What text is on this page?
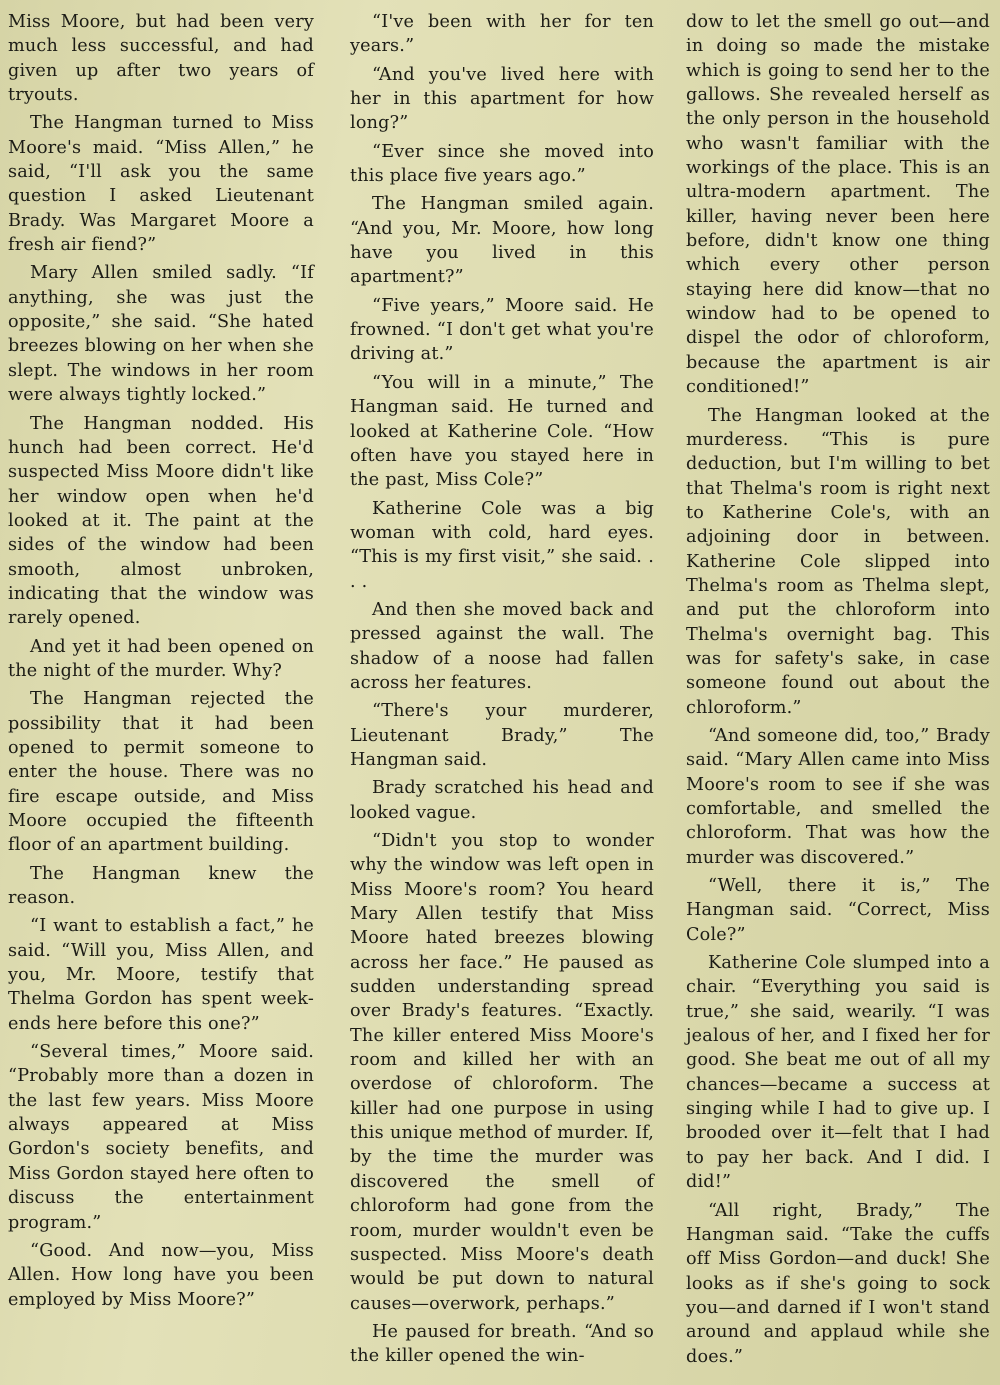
Miss Moore, but had been very much less successful, and had given up after two years of tryouts.

The Hangman turned to Miss Moore's maid. “Miss Allen,” he said, “I'll ask you the same question I asked Lieutenant Brady. Was Margaret Moore a fresh air fiend?”

Mary Allen smiled sadly. “If anything, she was just the opposite,” she said. “She hated breezes blowing on her when she slept. The windows in her room were always tightly locked.”

The Hangman nodded. His hunch had been correct. He'd suspected Miss Moore didn't like her window open when he'd looked at it. The paint at the sides of the window had been smooth, almost unbroken, indicating that the window was rarely opened.

And yet it had been opened on the night of the murder. Why?

The Hangman rejected the possibility that it had been opened to permit someone to enter the house. There was no fire escape outside, and Miss Moore occupied the fifteenth floor of an apartment building.

The Hangman knew the reason.

“I want to establish a fact,” he said. “Will you, Miss Allen, and you, Mr. Moore, testify that Thelma Gordon has spent week-ends here before this one?”

“Several times,” Moore said. “Probably more than a dozen in the last few years. Miss Moore always appeared at Miss Gordon's society benefits, and Miss Gordon stayed here often to discuss the entertainment program.”

“Good. And now—you, Miss Allen. How long have you been employed by Miss Moore?”

“I've been with her for ten years.”

“And you've lived here with her in this apartment for how long?”

“Ever since she moved into this place five years ago.”

The Hangman smiled again. “And you, Mr. Moore, how long have you lived in this apartment?”

“Five years,” Moore said. He frowned. “I don't get what you're driving at.”

“You will in a minute,” The Hangman said. He turned and looked at Katherine Cole. “How often have you stayed here in the past, Miss Cole?”

Katherine Cole was a big woman with cold, hard eyes. “This is my first visit,” she said. . . .

And then she moved back and pressed against the wall. The shadow of a noose had fallen across her features.

“There's your murderer, Lieutenant Brady,” The Hangman said.

Brady scratched his head and looked vague.

“Didn't you stop to wonder why the window was left open in Miss Moore's room? You heard Mary Allen testify that Miss Moore hated breezes blowing across her face.” He paused as sudden understanding spread over Brady's features. “Exactly. The killer entered Miss Moore's room and killed her with an overdose of chloroform. The killer had one purpose in using this unique method of murder. If, by the time the murder was discovered the smell of chloroform had gone from the room, murder wouldn't even be suspected. Miss Moore's death would be put down to natural causes—overwork, perhaps.”

He paused for breath. “And so the killer opened the win-

dow to let the smell go out—and in doing so made the mistake which is going to send her to the gallows. She revealed herself as the only person in the household who wasn't familiar with the workings of the place. This is an ultra-modern apartment. The killer, having never been here before, didn't know one thing which every other person staying here did know—that no window had to be opened to dispel the odor of chloroform, because the apartment is air conditioned!”

The Hangman looked at the murderess. “This is pure deduction, but I'm willing to bet that Thelma's room is right next to Katherine Cole's, with an adjoining door in between. Katherine Cole slipped into Thelma's room as Thelma slept, and put the chloroform into Thelma's overnight bag. This was for safety's sake, in case someone found out about the chloroform.”

“And someone did, too,” Brady said. “Mary Allen came into Miss Moore's room to see if she was comfortable, and smelled the chloroform. That was how the murder was discovered.”

“Well, there it is,” The Hangman said. “Correct, Miss Cole?”

Katherine Cole slumped into a chair. “Everything you said is true,” she said, wearily. “I was jealous of her, and I fixed her for good. She beat me out of all my chances—became a success at singing while I had to give up. I brooded over it—felt that I had to pay her back. And I did. I did!”

“All right, Brady,” The Hangman said. “Take the cuffs off Miss Gordon—and duck! She looks as if she's going to sock you—and darned if I won't stand around and applaud while she does.”
